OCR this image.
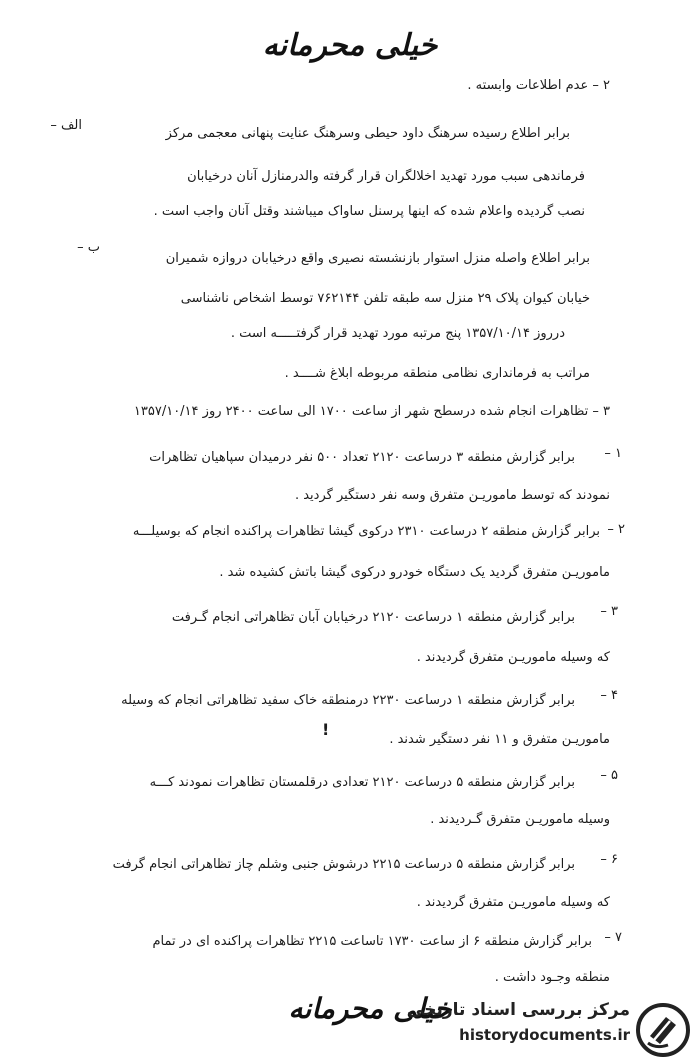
خیلی محرمانه
۲ – عدم اطلاعات وابسته .
الف –
برابر اطلاع رسیده سرهنگ داود حیطی وسرهنگ عنایت پنهانی معجمی مرکز
فرماندهی سبب مورد تهدید اخلالگران قرار گرفته والدرمنازل آنان درخیابان
نصب گردیده واعلام شده که اینها پرسنل ساواک میباشند وقتل آنان واجب است .
ب –
برابر اطلاع واصله منزل استوار بازنشسته نصیری واقع درخیابان دروازه شمیران
خیابان کیوان پلاک ۲۹ منزل سه طبقه تلفن ۷۶۲۱۴۴ توسط اشخاص ناشناسی
درروز ۱۳۵۷/۱۰/۱۴ پنج مرتبه مورد تهدید قرار گرفتـــــه است .
مراتب به فرمانداری نظامی منطقه مربوطه ابلاغ شــــد .
۳ – تظاهرات انجام شده درسطح شهر از ساعت ۱۷۰۰ الی ساعت ۲۴۰۰ روز ۱۳۵۷/۱۰/۱۴
۱ –
برابر گزارش منطقه ۳ درساعت ۲۱۲۰ تعداد ۵۰۰ نفر درمیدان سپاهیان تظاهرات
نمودند که توسط ماموریـن متفرق وسه نفر دستگیر گردید .
۲ –
برابر گزارش منطقه ۲ درساعت ۲۳۱۰ درکوی گیشا تظاهرات پراکنده انجام که بوسیلـــه
ماموریـن متفرق گردید یک دستگاه خودرو درکوی گیشا باتش کشیده شد .
۳ –
برابر گزارش منطقه ۱ درساعت ۲۱۲۰ درخیابان آبان تظاهراتی انجام گـرفت
که وسیله ماموریـن متفرق گردیدند .
۴ –
برابر گزارش منطقه ۱ درساعت ۲۲۳۰ درمنطقه خاک سفید تظاهراتی انجام که وسیله
ماموریـن متفرق و ۱۱ نفر دستگیر شدند .
!
۵ –
برابر گزارش منطقه ۵ درساعت ۲۱۲۰ تعدادی درقلمستان تظاهرات نمودند کـــه
وسیله ماموریـن متفرق گـردیدند .
۶ –
برابر گزارش منطقه ۵ درساعت ۲۲۱۵ درشوش جنبی وشلم چاز تظاهراتی انجام گرفت
که وسیله ماموریـن متفرق گردیدند .
۷ –
برابر گزارش منطقه ۶ از ساعت ۱۷۳۰ تاساعت ۲۲۱۵ تظاهرات پراکنده ای در تمام
منطقه وجـود داشت .
خیلی محرمانه
مرکز بررسی اسناد تاریخی
historydocuments.ir
